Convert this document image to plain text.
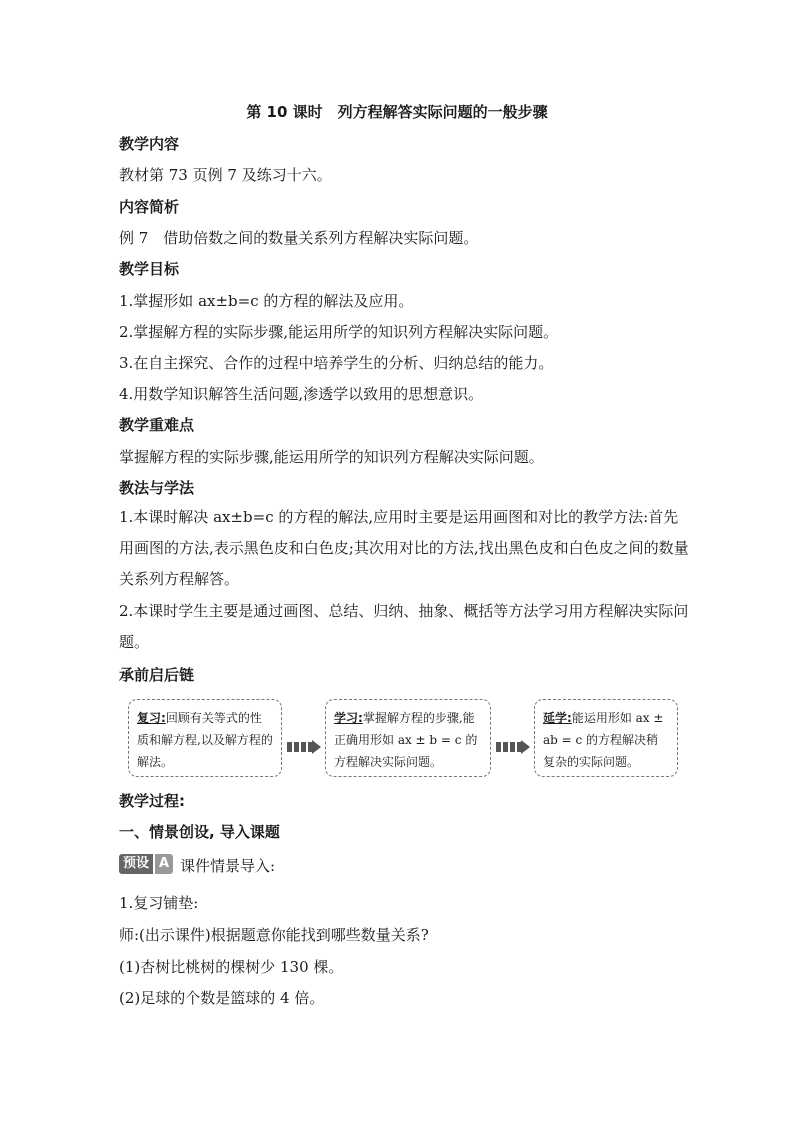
第 10 课时　列方程解答实际问题的一般步骤
教学内容
教材第 73 页例 7 及练习十六。
内容简析
例 7　借助倍数之间的数量关系列方程解决实际问题。
教学目标
1.掌握形如 ax±b=c 的方程的解法及应用。
2.掌握解方程的实际步骤,能运用所学的知识列方程解决实际问题。
3.在自主探究、合作的过程中培养学生的分析、归纳总结的能力。
4.用数学知识解答生活问题,渗透学以致用的思想意识。
教学重难点
掌握解方程的实际步骤,能运用所学的知识列方程解决实际问题。
教法与学法
1.本课时解决 ax±b=c 的方程的解法,应用时主要是运用画图和对比的教学方法:首先用画图的方法,表示黑色皮和白色皮;其次用对比的方法,找出黑色皮和白色皮之间的数量关系列方程解答。
2.本课时学生主要是通过画图、总结、归纳、抽象、概括等方法学习用方程解决实际问题。
承前启后链
复习:回顾有关等式的性质和解方程,以及解方程的解法。
学习:掌握解方程的步骤,能正确用形如 ax ± b = c 的方程解决实际问题。
延学:能运用形如 ax ± ab = c 的方程解决稍复杂的实际问题。
教学过程:
一、情景创设, 导入课题
预设 A 课件情景导入:
1.复习铺垫:
师:(出示课件)根据题意你能找到哪些数量关系?
(1)杏树比桃树的棵树少 130 棵。
(2)足球的个数是篮球的 4 倍。
